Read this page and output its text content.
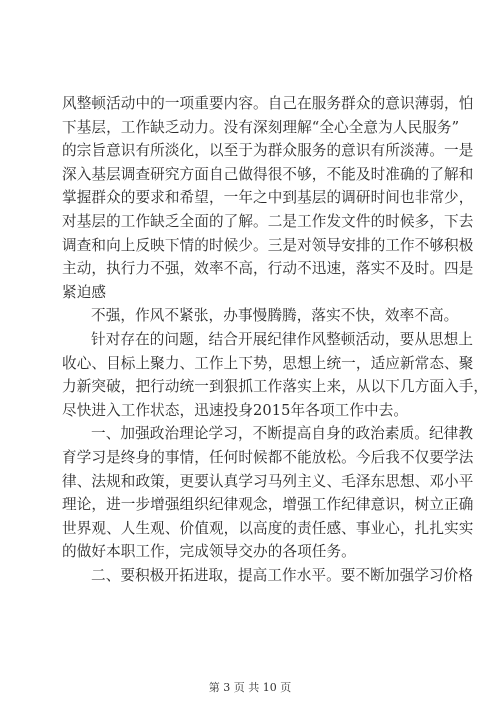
风整顿活动中的一项重要内容。自己在服务群众的意识薄弱，怕
下基层，工作缺乏动力。没有深刻理解“全心全意为人民服务”
的宗旨意识有所淡化，以至于为群众服务的意识有所淡薄。一是
深入基层调查研究方面自己做得很不够，不能及时准确的了解和
掌握群众的要求和希望，一年之中到基层的调研时间也非常少，
对基层的工作缺乏全面的了解。二是工作发文件的时候多，下去
调查和向上反映下情的时候少。三是对领导安排的工作不够积极
主动，执行力不强，效率不高，行动不迅速，落实不及时。四是
紧迫感
不强，作风不紧张，办事慢腾腾，落实不快，效率不高。
针对存在的问题，结合开展纪律作风整顿活动，要从思想上
收心、目标上聚力、工作上下势，思想上统一，适应新常态、聚
力新突破，把行动统一到狠抓工作落实上来，从以下几方面入手，
尽快进入工作状态，迅速投身2015年各项工作中去。
一、加强政治理论学习，不断提高自身的政治素质。纪律教
育学习是终身的事情，任何时候都不能放松。今后我不仅要学法
律、法规和政策，更要认真学习马列主义、毛泽东思想、邓小平
理论，进一步增强组织纪律观念，增强工作纪律意识，树立正确
世界观、人生观、价值观，以高度的责任感、事业心，扎扎实实
的做好本职工作，完成领导交办的各项任务。
二、要积极开拓进取，提高工作水平。要不断加强学习价格
第 3 页 共 10 页
